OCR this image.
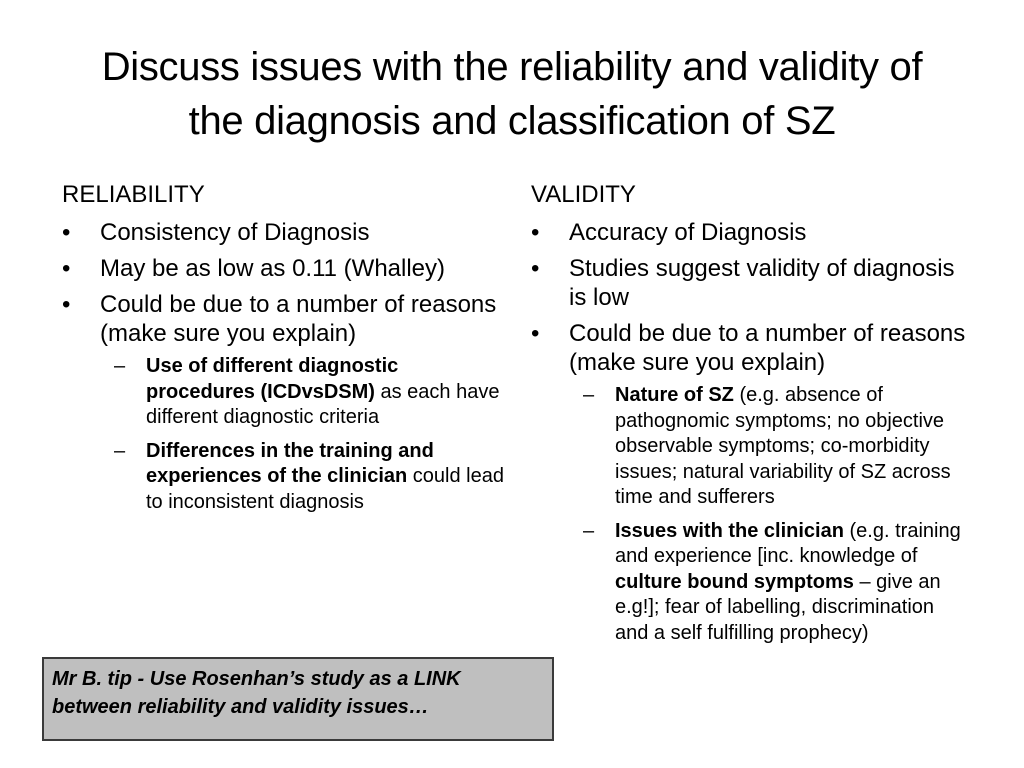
Discuss issues with the reliability and validity of
the diagnosis and classification of SZ
RELIABILITY
• Consistency of Diagnosis
• May be as low as 0.11 (Whalley)
• Could be due to a number of reasons (make sure you explain)
– Use of different diagnostic procedures (ICDvsDSM) as each have different diagnostic criteria
– Differences in the training and experiences of the clinician could lead to inconsistent diagnosis
VALIDITY
• Accuracy of Diagnosis
• Studies suggest validity of diagnosis is low
• Could be due to a number of reasons (make sure you explain)
– Nature of SZ (e.g. absence of pathognomic symptoms; no objective observable symptoms; co-morbidity issues; natural variability of SZ across time and sufferers
– Issues with the clinician (e.g. training and experience [inc. knowledge of culture bound symptoms – give an e.g!]; fear of labelling, discrimination and a self fulfilling prophecy)
Mr B. tip - Use Rosenhan’s study as a LINK between reliability and validity issues…
